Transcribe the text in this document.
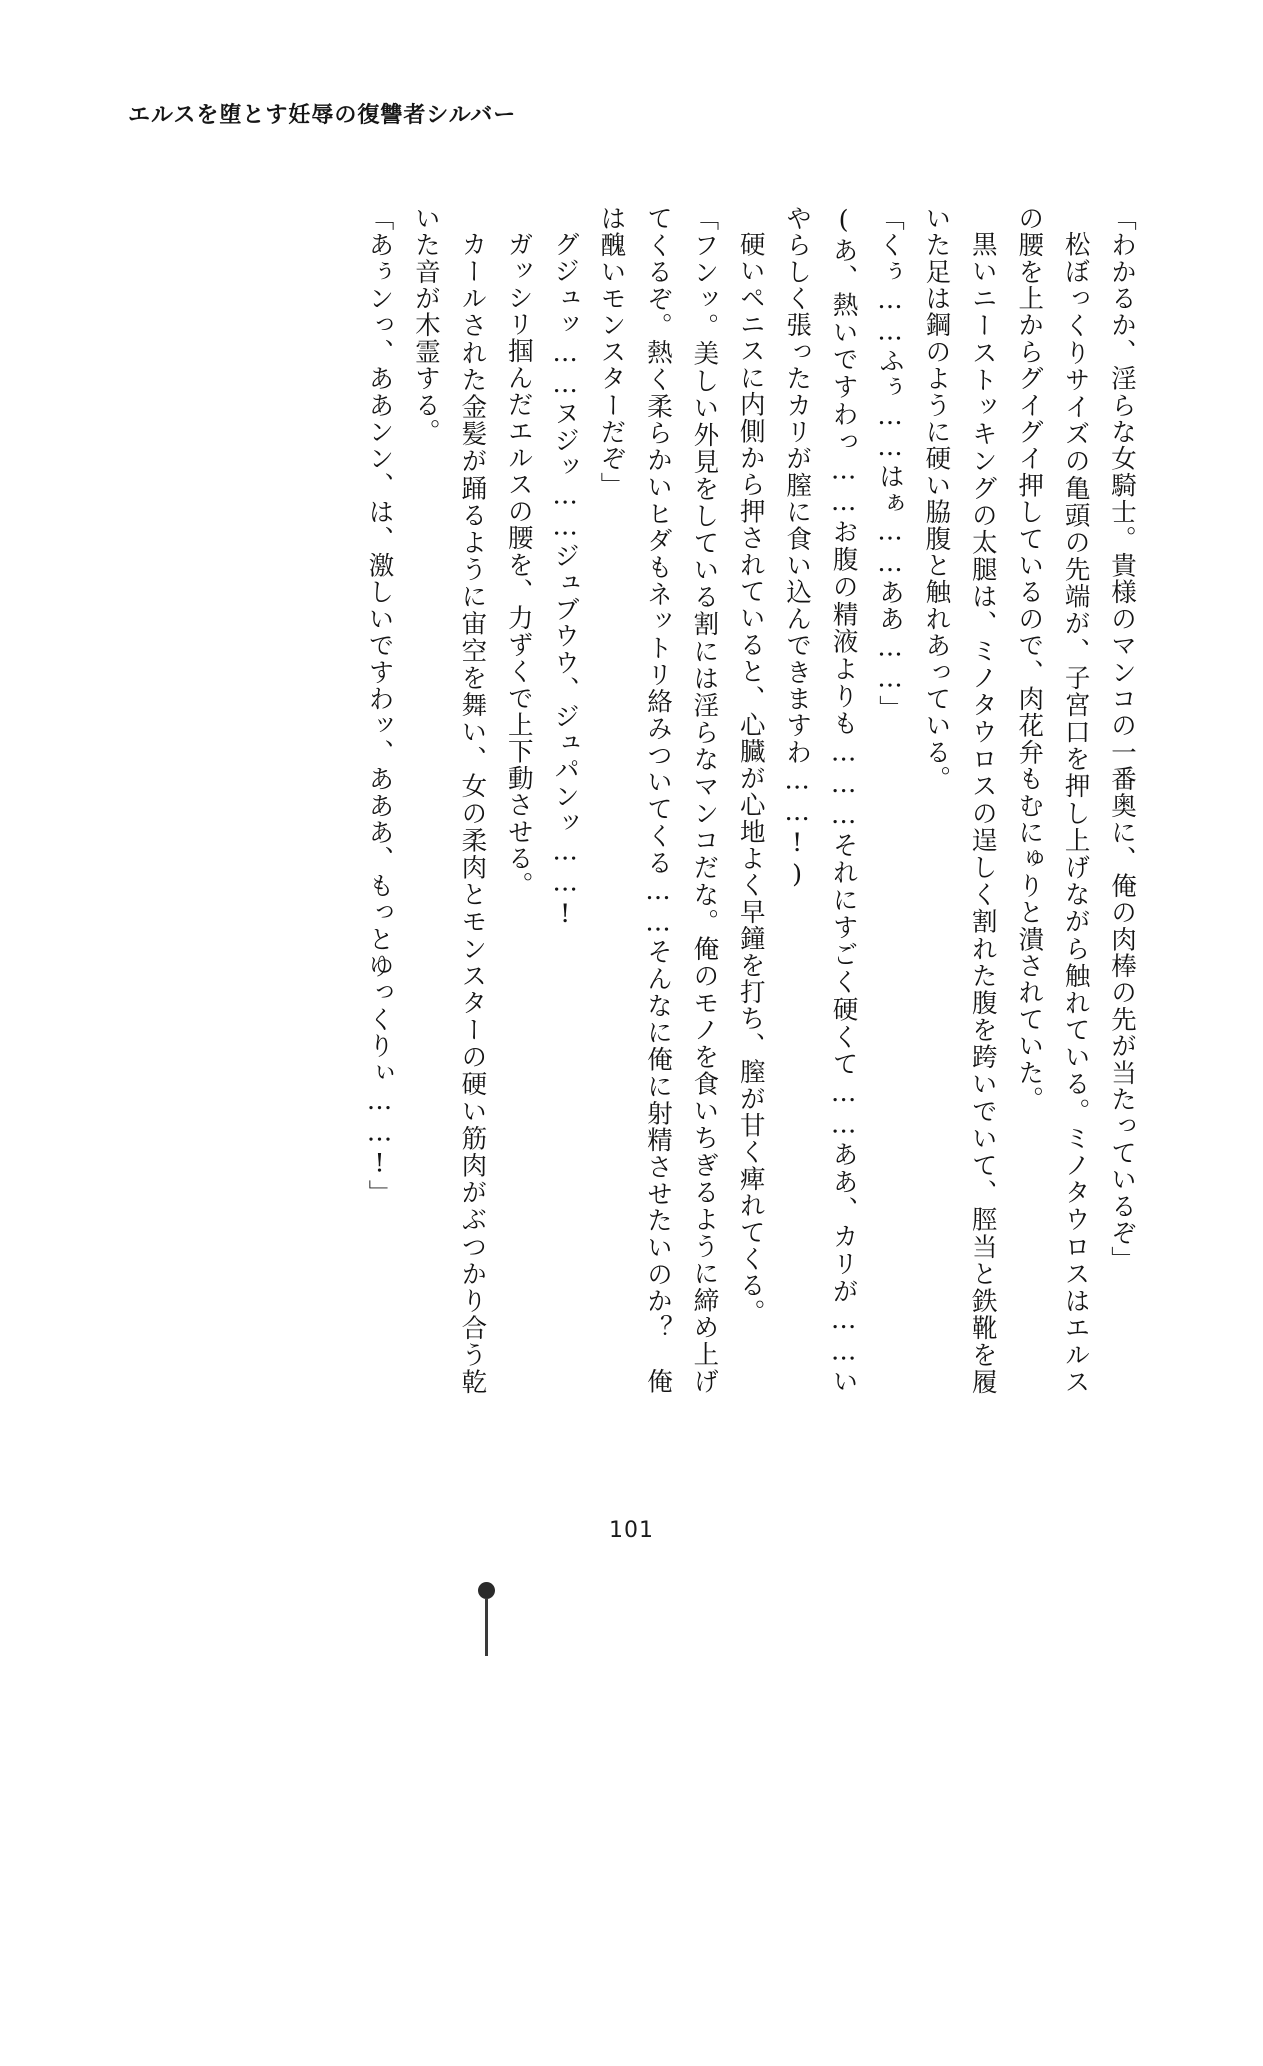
エルスを堕とす妊辱の復讐者シルバー

「わかるか、淫らな女騎士。貴様のマンコの一番奥に、俺の肉棒の先が当たっているぞ」

松ぼっくりサイズの亀頭の先端が、子宮口を押し上げながら触れている。ミノタウロスはエルスの腰を上からグイグイ押しているので、肉花弁もむにゅりと潰されていた。

黒いニーストッキングの太腿は、ミノタウロスの逞しく割れた腹を跨いでいて、脛当と鉄靴を履いた足は鋼のように硬い脇腹と触れあっている。

「くぅ……ふぅ……はぁ……ああ……」

(あ、熱いですわっ……お腹の精液よりも………それにすごく硬くて……ああ、カリが……いやらしく張ったカリが膣に食い込んできますわ……!)

硬いペニスに内側から押されていると、心臓が心地よく早鐘を打ち、膣が甘く痺れてくる。

「フンッ。美しい外見をしている割には淫らなマンコだな。俺のモノを食いちぎるように締め上げてくるぞ。熱く柔らかいヒダもネットリ絡みついてくる……そんなに俺に射精させたいのか？　俺は醜いモンスターだぞ」

グジュッ……ヌジッ……ジュブウウ、ジュパンッ……!

ガッシリ掴んだエルスの腰を、力ずくで上下動させる。

カールされた金髪が踊るように宙空を舞い、女の柔肉とモンスターの硬い筋肉がぶつかり合う乾いた音が木霊する。

「あぅンっ、ああンン、は、激しいですわッ、あああ、もっとゆっくりぃ……!」

101
